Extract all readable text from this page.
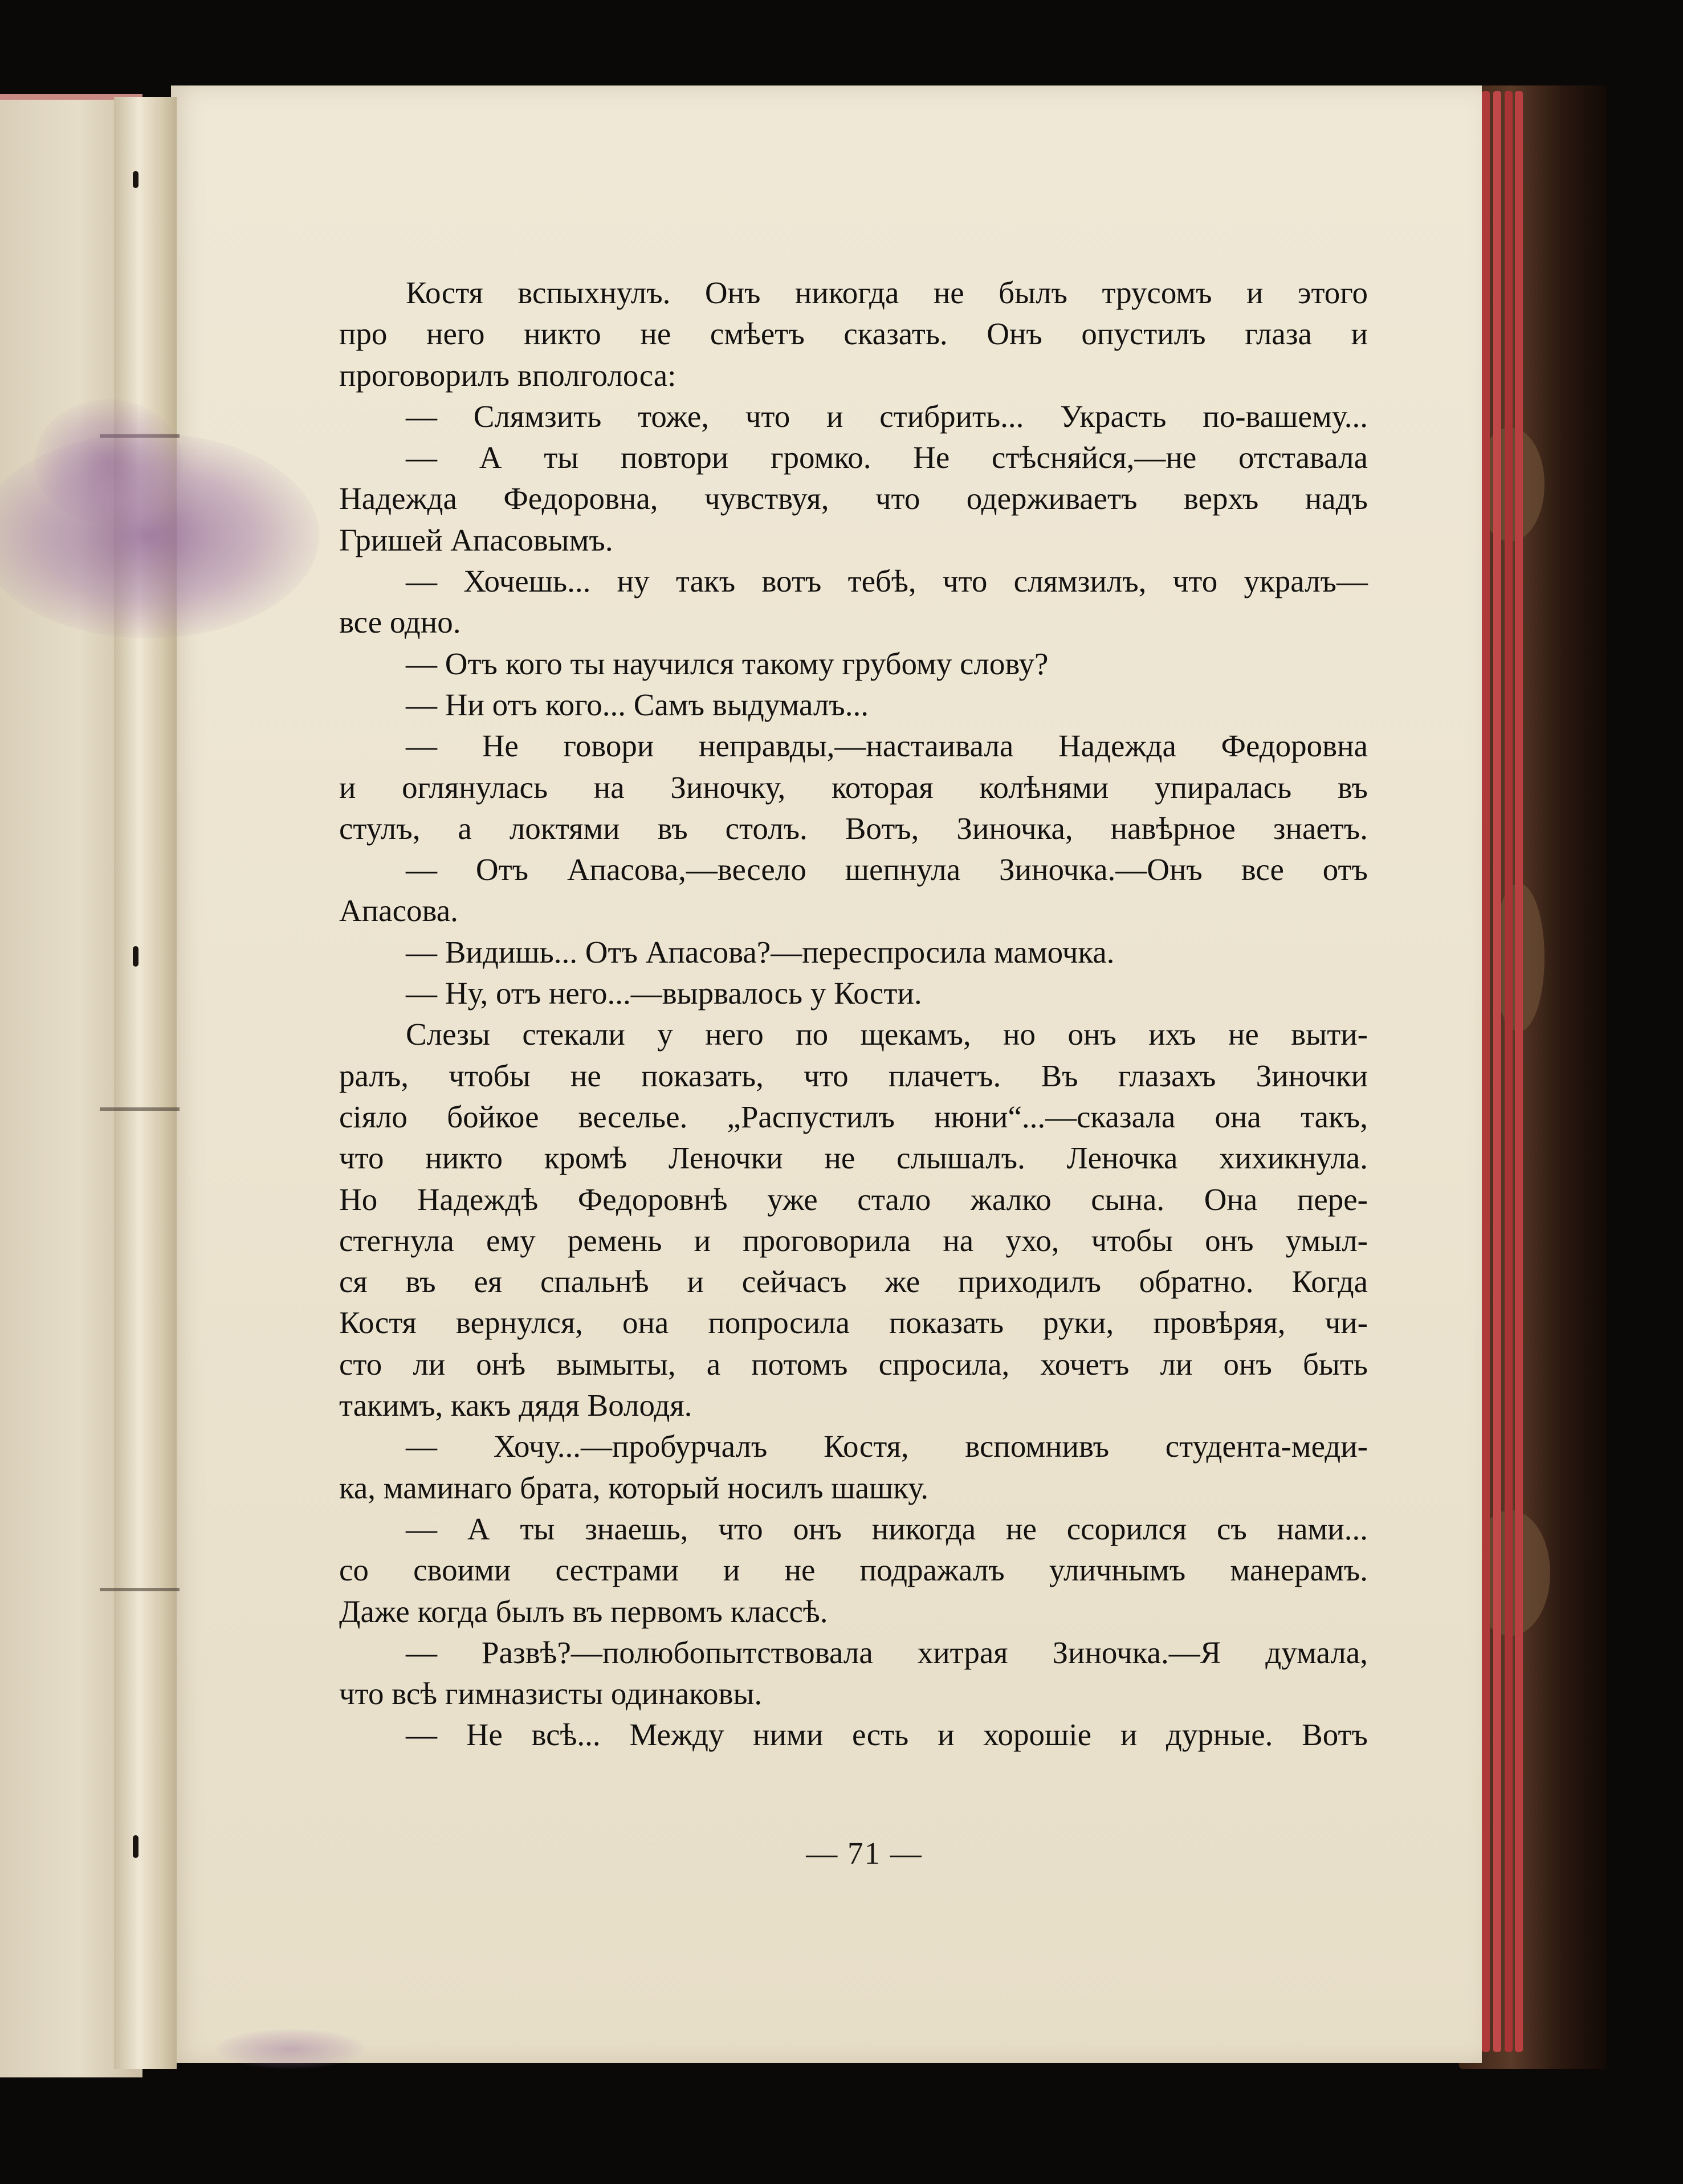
Костя вспыхнулъ. Онъ никогда не былъ трусомъ и этого
про него никто не смѣетъ сказать. Онъ опустилъ глаза и
проговорилъ вполголоса:
— Слямзить тоже, что и стибрить... Украсть по-вашему...
— А ты повтори громко. Не стѣсняйся,—не отставала
Надежда Федоровна, чувствуя, что одерживаетъ верхъ надъ
Гришей Апасовымъ.
— Хочешь... ну такъ вотъ тебѣ, что слямзилъ, что укралъ—
все одно.
— Отъ кого ты научился такому грубому слову?
— Ни отъ кого... Самъ выдумалъ...
— Не говори неправды,—настаивала Надежда Федоровна
и оглянулась на Зиночку, которая колѣнями упиралась въ
стулъ, а локтями въ столъ. Вотъ, Зиночка, навѣрное знаетъ.
— Отъ Апасова,—весело шепнула Зиночка.—Онъ все отъ
Апасова.
— Видишь... Отъ Апасова?—переспросила мамочка.
— Ну, отъ него...—вырвалось у Кости.
Слезы стекали у него по щекамъ, но онъ ихъ не выти-
ралъ, чтобы не показать, что плачетъ. Въ глазахъ Зиночки
сіяло бойкое веселье. „Распустилъ нюни“...—сказала она такъ,
что никто кромѣ Леночки не слышалъ. Леночка хихикнула.
Но Надеждѣ Федоровнѣ уже стало жалко сына. Она пере-
стегнула ему ремень и проговорила на ухо, чтобы онъ умыл-
ся въ ея спальнѣ и сейчасъ же приходилъ обратно. Когда
Костя вернулся, она попросила показать руки, провѣряя, чи-
сто ли онѣ вымыты, а потомъ спросила, хочетъ ли онъ быть
такимъ, какъ дядя Володя.
— Хочу...—пробурчалъ Костя, вспомнивъ студента-меди-
ка, маминаго брата, который носилъ шашку.
— А ты знаешь, что онъ никогда не ссорился съ нами...
со своими сестрами и не подражалъ уличнымъ манерамъ.
Даже когда былъ въ первомъ классѣ.
— Развѣ?—полюбопытствовала хитрая Зиночка.—Я думала,
что всѣ гимназисты одинаковы.
— Не всѣ... Между ними есть и хорошіе и дурные. Вотъ
— 71 —
